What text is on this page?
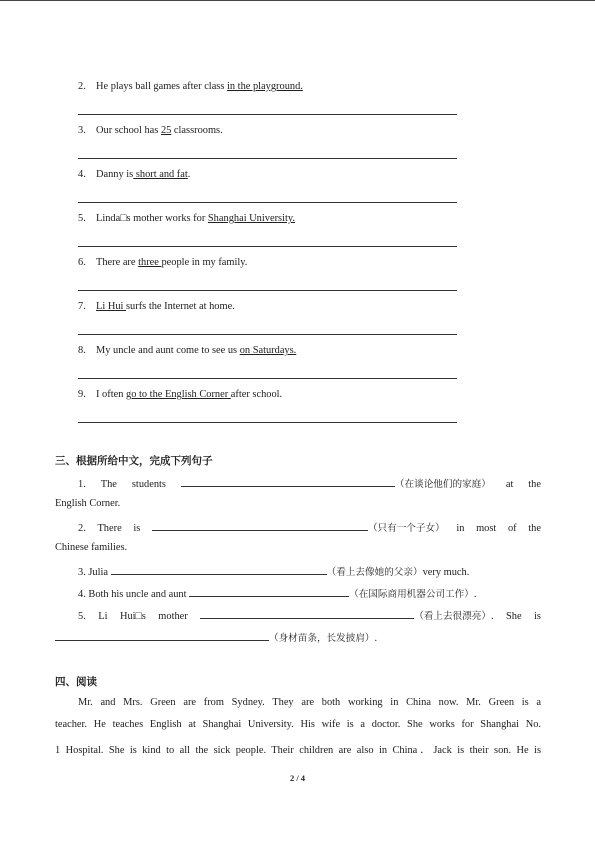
2. He plays ball games after class in the playground.
3. Our school has 25 classrooms.
4. Danny is short and fat.
5. Linda□s mother works for Shanghai University.
6. There are three people in my family.
7. Li Hui surfs the Internet at home.
8. My uncle and aunt come to see us on Saturdays.
9. I often go to the English Corner after school.
三、根据所给中文，完成下列句子
1. The students	（在谈论他们的家庭） at the
English Corner.
2. There is	（只有一个子女） in most of the
Chinese families.
3. Julia	（看上去像她的父亲）very much.
4. Both his uncle and aunt	（在国际商用机器公司工作）.
5. Li Hui□s mother	（看上去很漂亮）. She is
（身材苗条，长发披肩）.
四、阅读
Mr. and Mrs. Green are from Sydney. They are both working in China now. Mr. Green is a
teacher. He teaches English at Shanghai University. His wife is a doctor. She works for Shanghai No.
1 Hospital. She is kind to all the sick people. Their children are also in China．Jack is their son. He is
2 / 4
